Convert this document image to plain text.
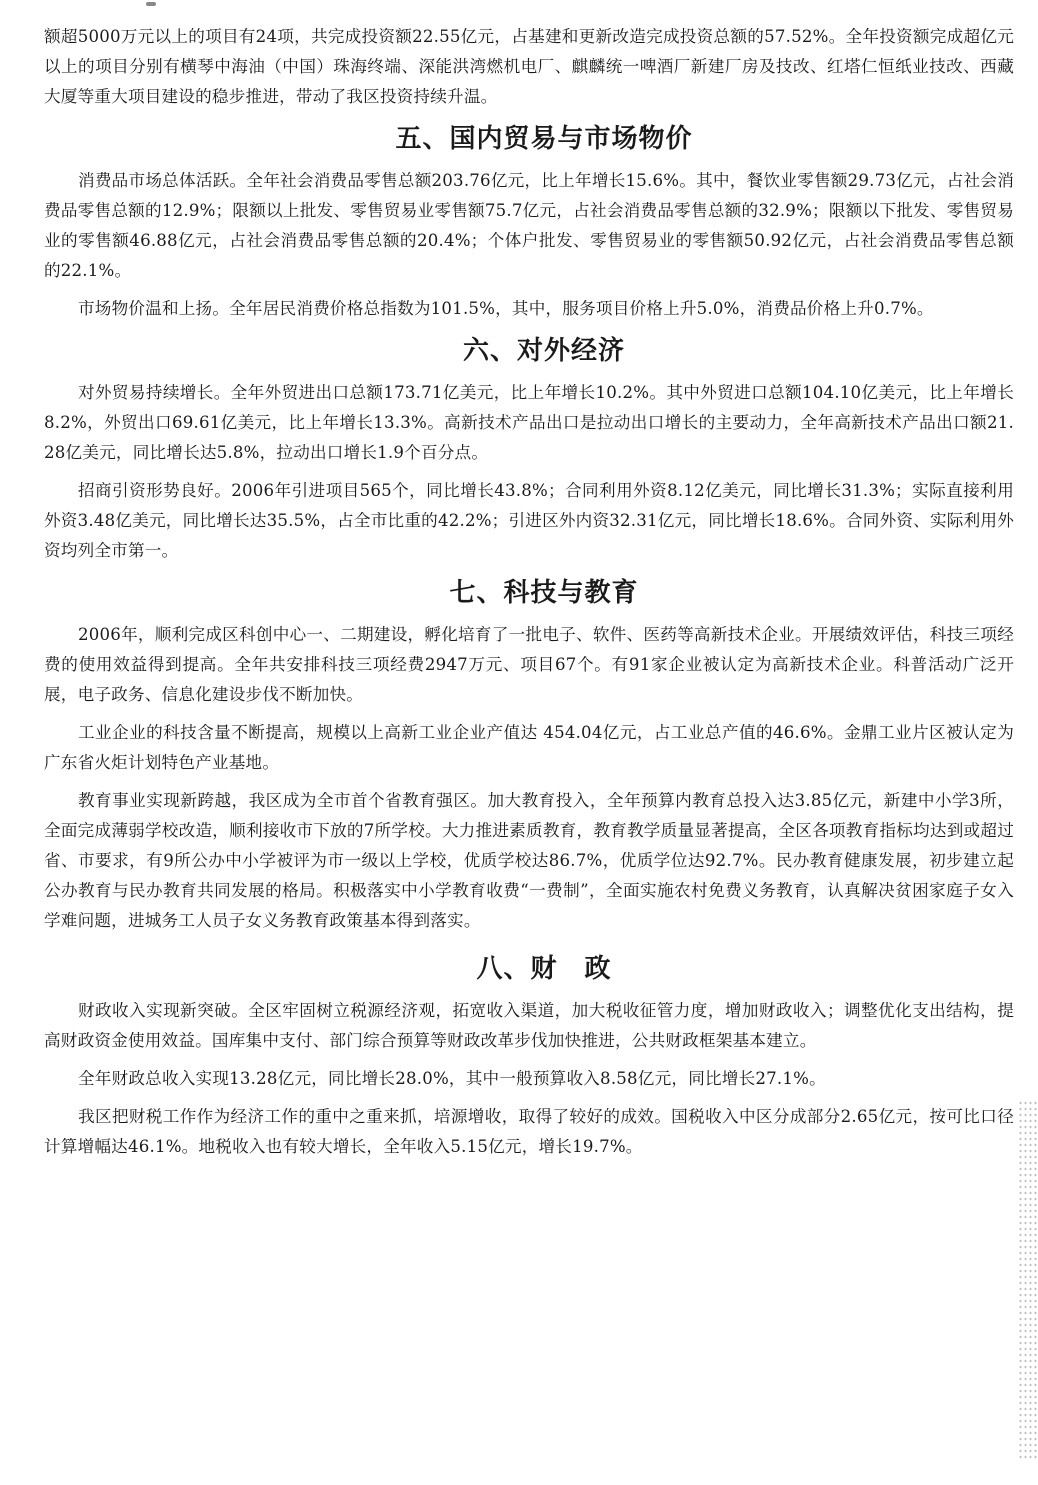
额超5000万元以上的项目有24项，共完成投资额22.55亿元，占基建和更新改造完成投资总额的57.52%。全年投资额完成超亿元以上的项目分别有横琴中海油（中国）珠海终端、深能洪湾燃机电厂、麒麟统一啤酒厂新建厂房及技改、红塔仁恒纸业技改、西藏大厦等重大项目建设的稳步推进，带动了我区投资持续升温。

五、国内贸易与市场物价

消费品市场总体活跃。全年社会消费品零售总额203.76亿元，比上年增长15.6%。其中，餐饮业零售额29.73亿元，占社会消费品零售总额的12.9%；限额以上批发、零售贸易业零售额75.7亿元，占社会消费品零售总额的32.9%；限额以下批发、零售贸易业的零售额46.88亿元，占社会消费品零售总额的20.4%；个体户批发、零售贸易业的零售额50.92亿元，占社会消费品零售总额的22.1%。

市场物价温和上扬。全年居民消费价格总指数为101.5%，其中，服务项目价格上升5.0%，消费品价格上升0.7%。

六、对外经济

对外贸易持续增长。全年外贸进出口总额173.71亿美元，比上年增长10.2%。其中外贸进口总额104.10亿美元，比上年增长8.2%，外贸出口69.61亿美元，比上年增长13.3%。高新技术产品出口是拉动出口增长的主要动力，全年高新技术产品出口额21.28亿美元，同比增长达5.8%，拉动出口增长1.9个百分点。

招商引资形势良好。2006年引进项目565个，同比增长43.8%；合同利用外资8.12亿美元，同比增长31.3%；实际直接利用外资3.48亿美元，同比增长达35.5%，占全市比重的42.2%；引进区外内资32.31亿元，同比增长18.6%。合同外资、实际利用外资均列全市第一。

七、科技与教育

2006年，顺利完成区科创中心一、二期建设，孵化培育了一批电子、软件、医药等高新技术企业。开展绩效评估，科技三项经费的使用效益得到提高。全年共安排科技三项经费2947万元、项目67个。有91家企业被认定为高新技术企业。科普活动广泛开展，电子政务、信息化建设步伐不断加快。

工业企业的科技含量不断提高，规模以上高新工业企业产值达 454.04亿元，占工业总产值的46.6%。金鼎工业片区被认定为广东省火炬计划特色产业基地。

教育事业实现新跨越，我区成为全市首个省教育强区。加大教育投入，全年预算内教育总投入达3.85亿元，新建中小学3所，全面完成薄弱学校改造，顺利接收市下放的7所学校。大力推进素质教育，教育教学质量显著提高，全区各项教育指标均达到或超过省、市要求，有9所公办中小学被评为市一级以上学校，优质学校达86.7%，优质学位达92.7%。民办教育健康发展，初步建立起公办教育与民办教育共同发展的格局。积极落实中小学教育收费“一费制”，全面实施农村免费义务教育，认真解决贫困家庭子女入学难问题，进城务工人员子女义务教育政策基本得到落实。

八、财　政

财政收入实现新突破。全区牢固树立税源经济观，拓宽收入渠道，加大税收征管力度，增加财政收入；调整优化支出结构，提高财政资金使用效益。国库集中支付、部门综合预算等财政改革步伐加快推进，公共财政框架基本建立。

全年财政总收入实现13.28亿元，同比增长28.0%，其中一般预算收入8.58亿元，同比增长27.1%。

我区把财税工作作为经济工作的重中之重来抓，培源增收，取得了较好的成效。国税收入中区分成部分2.65亿元，按可比口径计算增幅达46.1%。地税收入也有较大增长，全年收入5.15亿元，增长19.7%。
